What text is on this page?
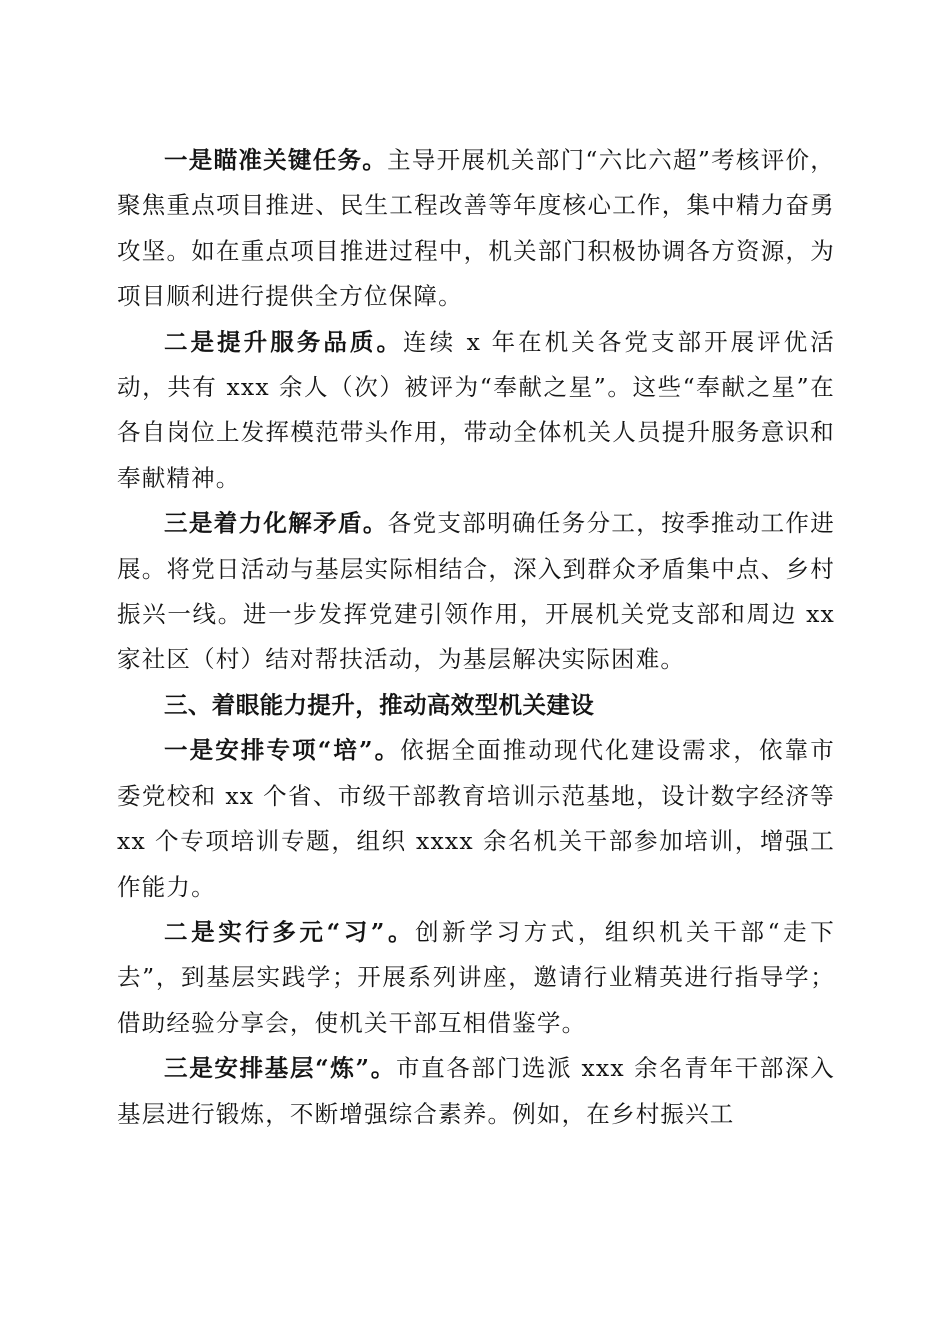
一是瞄准关键任务。主导开展机关部门“六比六超”考核评价，聚焦重点项目推进、民生工程改善等年度核心工作，集中精力奋勇攻坚。如在重点项目推进过程中，机关部门积极协调各方资源，为项目顺利进行提供全方位保障。

二是提升服务品质。连续 x 年在机关各党支部开展评优活动，共有 xxx 余人（次）被评为“奉献之星”。这些“奉献之星”在各自岗位上发挥模范带头作用，带动全体机关人员提升服务意识和奉献精神。

三是着力化解矛盾。各党支部明确任务分工，按季推动工作进展。将党日活动与基层实际相结合，深入到群众矛盾集中点、乡村振兴一线。进一步发挥党建引领作用，开展机关党支部和周边 xx 家社区（村）结对帮扶活动，为基层解决实际困难。

三、着眼能力提升，推动高效型机关建设

一是安排专项“培”。依据全面推动现代化建设需求，依靠市委党校和 xx 个省、市级干部教育培训示范基地，设计数字经济等 xx 个专项培训专题，组织 xxxx 余名机关干部参加培训，增强工作能力。

二是实行多元“习”。创新学习方式，组织机关干部“走下去”，到基层实践学；开展系列讲座，邀请行业精英进行指导学；借助经验分享会，使机关干部互相借鉴学。

三是安排基层“炼”。市直各部门选派 xxx 余名青年干部深入基层进行锻炼，不断增强综合素养。例如，在乡村振兴工
